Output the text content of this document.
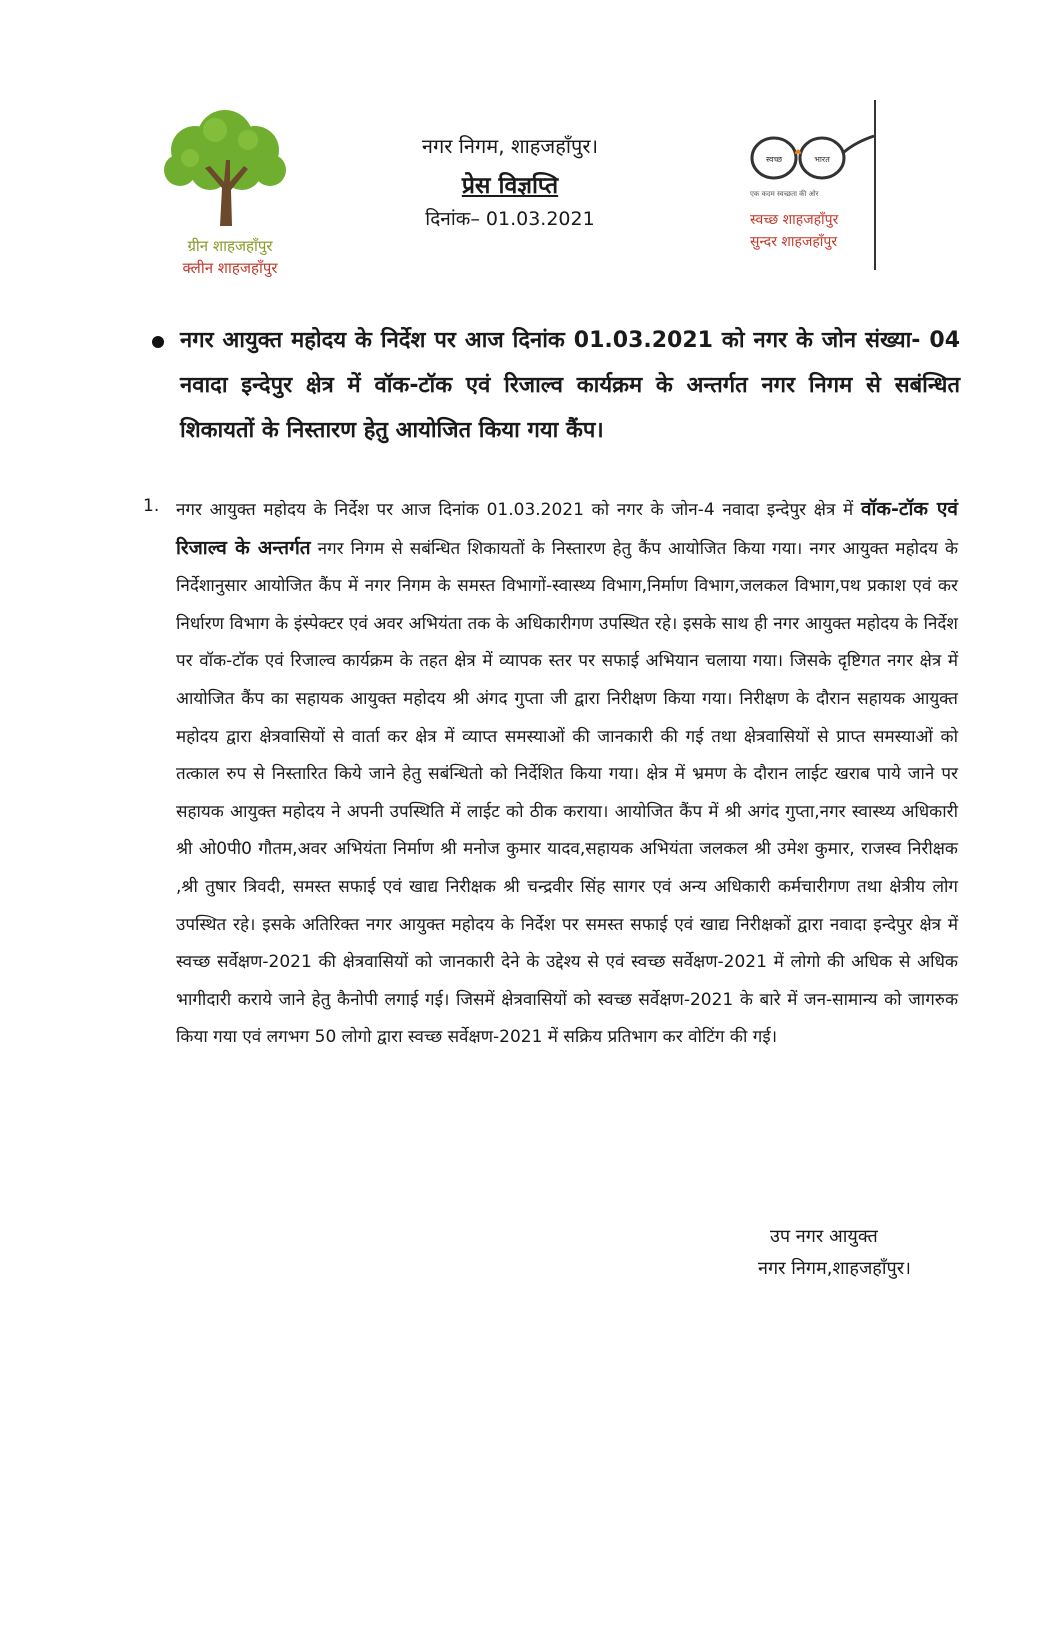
ग्रीन शाहजहाँपुर
क्लीन शाहजहाँपुर
नगर निगम, शाहजहाँपुर।
प्रेस विज्ञप्ति
दिनांक– 01.03.2021
स्वच्छ	भारत
एक कदम स्वच्छता की ओर
स्वच्छ शाहजहाँपुर
सुन्दर शाहजहाँपुर
नगर आयुक्त महोदय के निर्देश पर आज दिनांक 01.03.2021 को नगर के जोन संख्या- 04 नवादा इन्देपुर क्षेत्र में वॉक-टॉक एवं रिजाल्व कार्यक्रम के अन्तर्गत नगर निगम से सबंन्धित शिकायतों के निस्तारण हेतु आयोजित किया गया कैंप।
1. नगर आयुक्त महोदय के निर्देश पर आज दिनांक 01.03.2021 को नगर के जोन-4 नवादा इन्देपुर क्षेत्र में वॉक-टॉक एवं रिजाल्व के अन्तर्गत नगर निगम से सबंन्धित शिकायतों के निस्तारण हेतु कैंप आयोजित किया गया। नगर आयुक्त महोदय के निर्देशानुसार आयोजित कैंप में नगर निगम के समस्त विभागों-स्वास्थ्य विभाग,निर्माण विभाग,जलकल विभाग,पथ प्रकाश एवं कर निर्धारण विभाग के इंस्पेक्टर एवं अवर अभियंता तक के अधिकारीगण उपस्थित रहे। इसके साथ ही नगर आयुक्त महोदय के निर्देश पर वॉक-टॉक एवं रिजाल्व कार्यक्रम के तहत क्षेत्र में व्यापक स्तर पर सफाई अभियान चलाया गया। जिसके दृष्टिगत नगर क्षेत्र में आयोजित कैंप का सहायक आयुक्त महोदय श्री अंगद गुप्ता जी द्वारा निरीक्षण किया गया। निरीक्षण के दौरान सहायक आयुक्त महोदय द्वारा क्षेत्रवासियों से वार्ता कर क्षेत्र में व्याप्त समस्याओं की जानकारी की गई तथा क्षेत्रवासियों से प्राप्त समस्याओं को तत्काल रुप से निस्तारित किये जाने हेतु सबंन्धितो को निर्देशित किया गया। क्षेत्र में भ्रमण के दौरान लाईट खराब पाये जाने पर सहायक आयुक्त महोदय ने अपनी उपस्थिति में लाईट को ठीक कराया। आयोजित कैंप में श्री अगंद गुप्ता,नगर स्वास्थ्य अधिकारी श्री ओ0पी0 गौतम,अवर अभियंता निर्माण श्री मनोज कुमार यादव,सहायक अभियंता जलकल श्री उमेश कुमार, राजस्व निरीक्षक ,श्री तुषार त्रिवदी, समस्त सफाई एवं खाद्य निरीक्षक श्री चन्द्रवीर सिंह सागर एवं अन्य अधिकारी कर्मचारीगण तथा क्षेत्रीय लोग उपस्थित रहे। इसके अतिरिक्त नगर आयुक्त महोदय के निर्देश पर समस्त सफाई एवं खाद्य निरीक्षकों द्वारा नवादा इन्देपुर क्षेत्र में स्वच्छ सर्वेक्षण-2021 की क्षेत्रवासियों को जानकारी देने के उद्देश्य से एवं स्वच्छ सर्वेक्षण-2021 में लोगो की अधिक से अधिक भागीदारी कराये जाने हेतु कैनोपी लगाई गई। जिसमें क्षेत्रवासियों को स्वच्छ सर्वेक्षण-2021 के बारे में जन-सामान्य को जागरुक किया गया एवं लगभग 50 लोगो द्वारा स्वच्छ सर्वेक्षण-2021 में सक्रिय प्रतिभाग कर वोटिंग की गई।
उप नगर आयुक्त
नगर निगम,शाहजहाँपुर।
